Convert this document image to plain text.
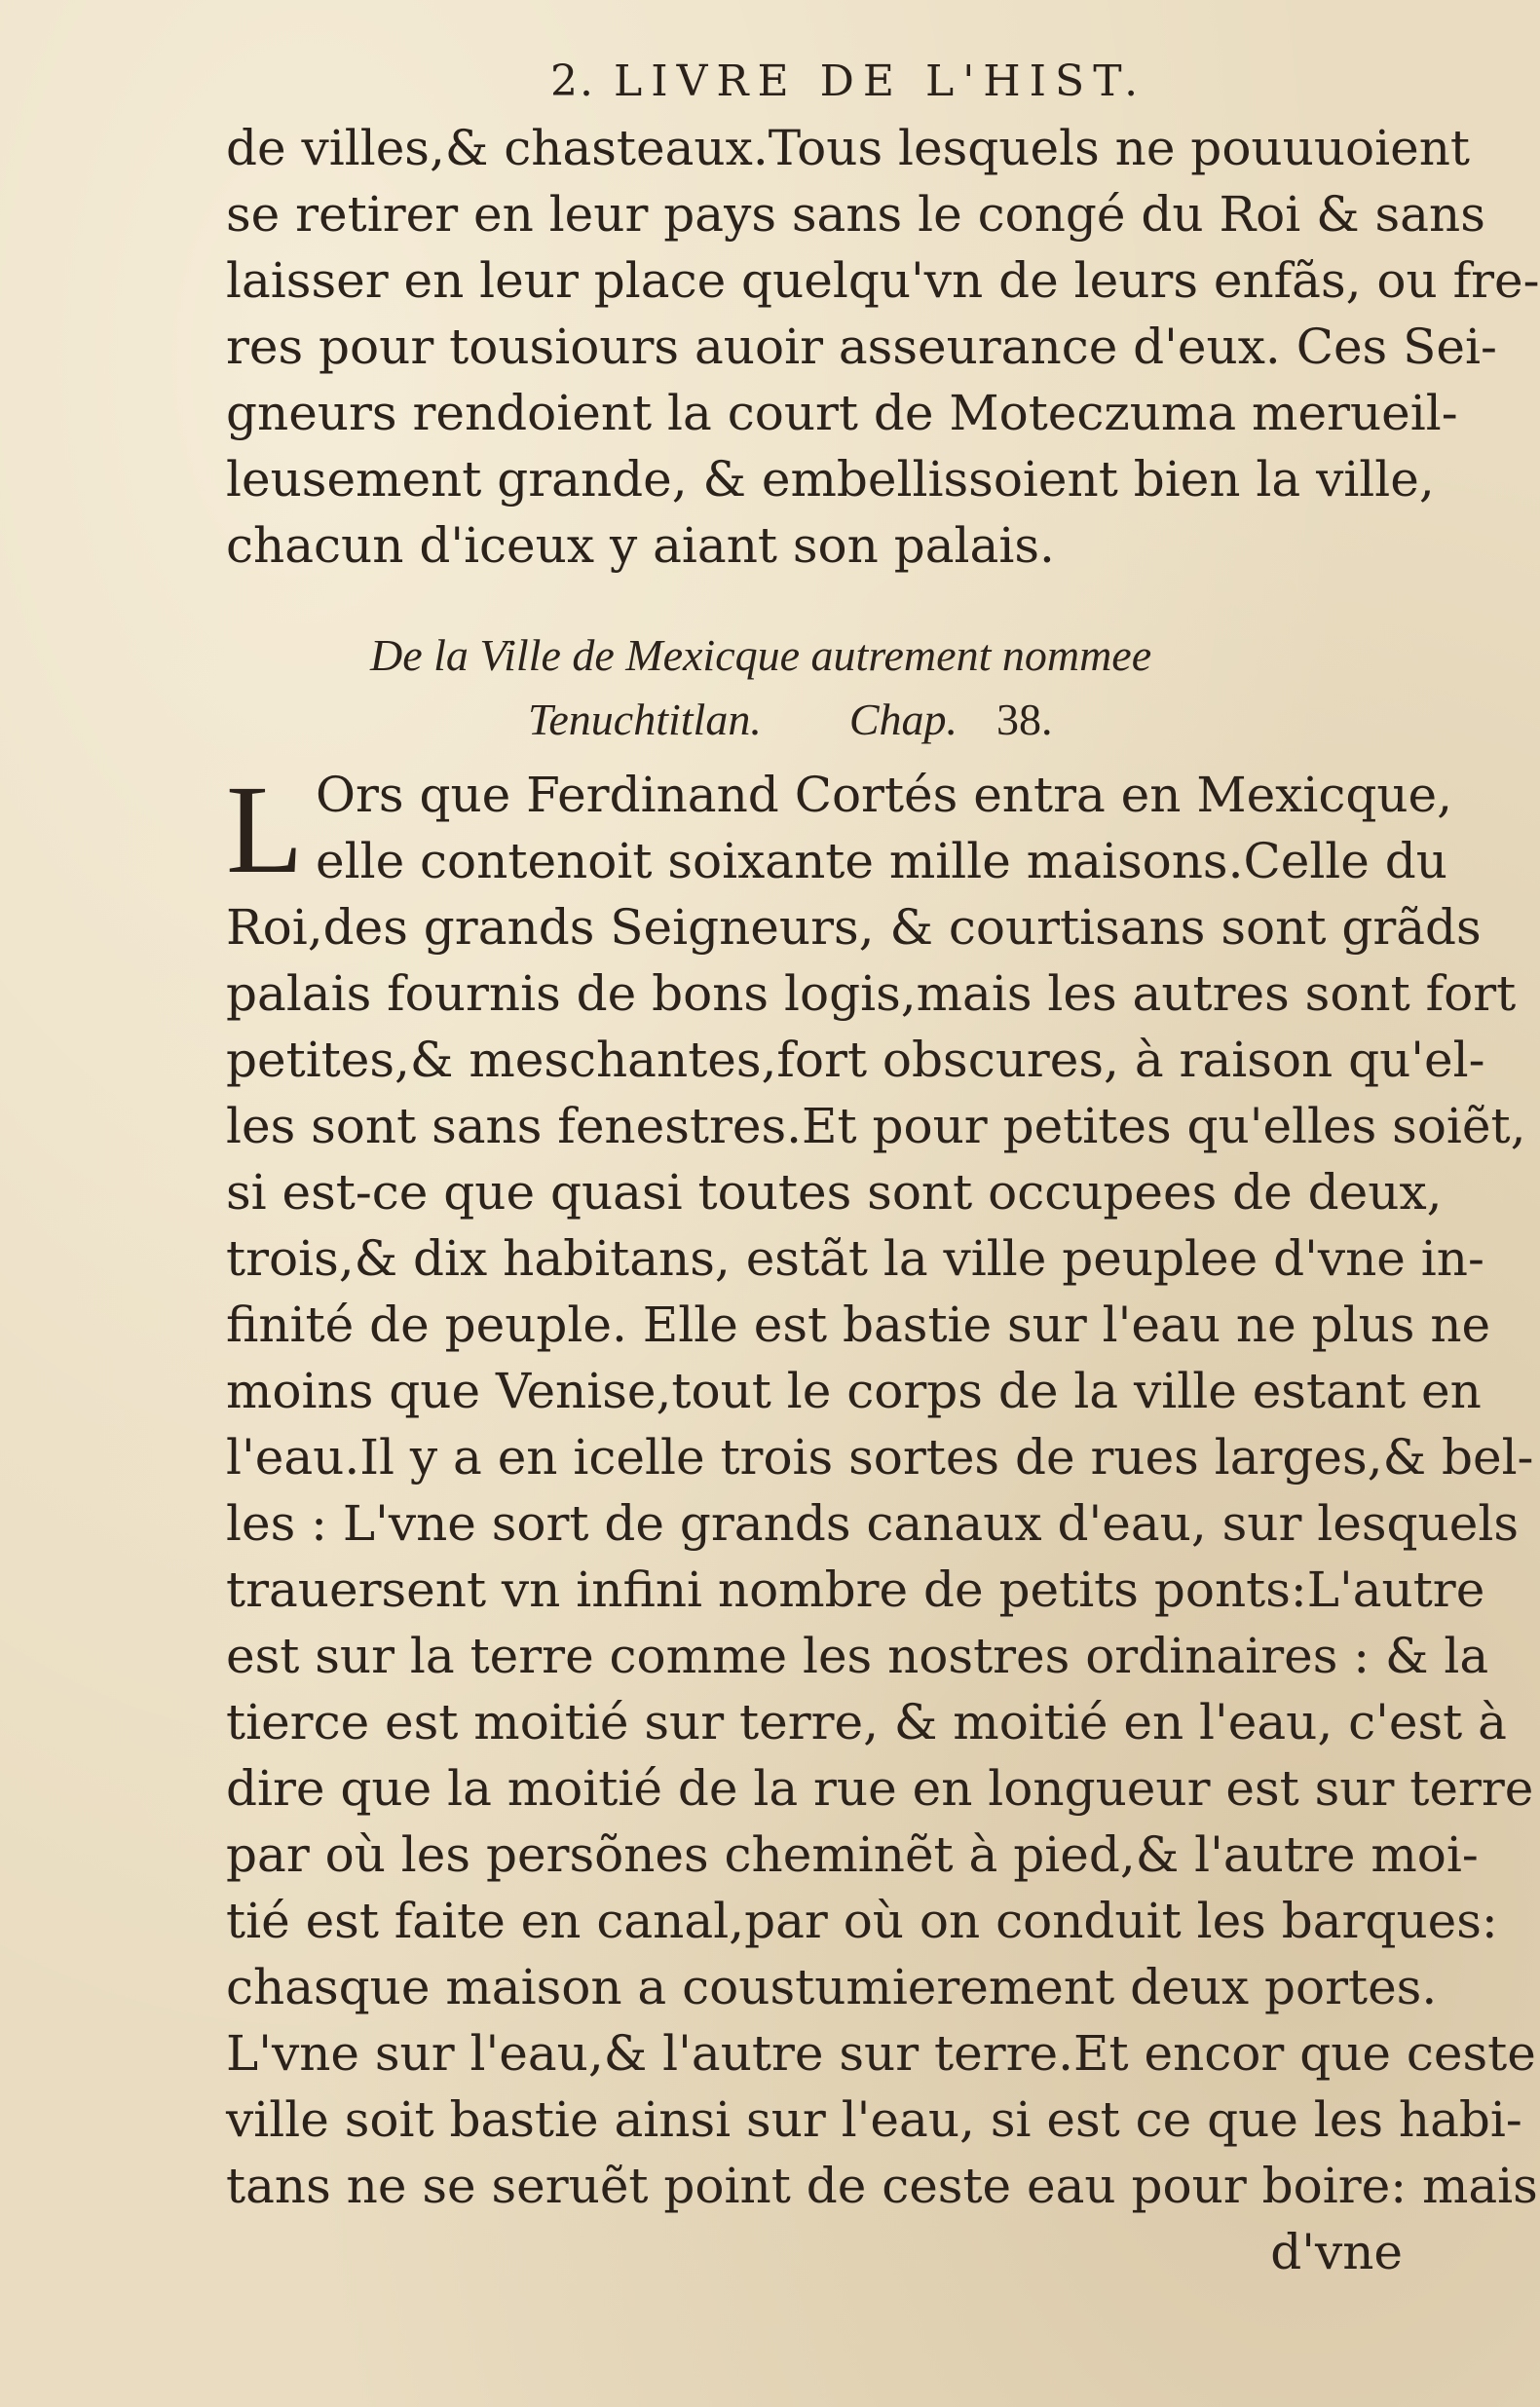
2. LIVRE DE L'HIST.
de villes,& chasteaux.Tous lesquels ne pouuuoient
se retirer en leur pays sans le congé du Roi & sans
laisser en leur place quelqu'vn de leurs enfãs, ou fre-
res pour tousiours auoir asseurance d'eux. Ces Sei-
gneurs rendoient la court de Moteczuma merueil-
leusement grande, & embellissoient bien la ville,
chacun d'iceux y aiant son palais.
De la Ville de Mexicque autrement nommee
Tenuchtitlan. Chap. 38.
L Ors que Ferdinand Cortés entra en Mexicque,
elle contenoit soixante mille maisons.Celle du
Roi,des grands Seigneurs, & courtisans sont grãds
palais fournis de bons logis,mais les autres sont fort
petites,& meschantes,fort obscures, à raison qu'el-
les sont sans fenestres.Et pour petites qu'elles soiẽt,
si est-ce que quasi toutes sont occupees de deux,
trois,& dix habitans, estãt la ville peuplee d'vne in-
finité de peuple. Elle est bastie sur l'eau ne plus ne
moins que Venise,tout le corps de la ville estant en
l'eau.Il y a en icelle trois sortes de rues larges,& bel-
les : L'vne sort de grands canaux d'eau, sur lesquels
trauersent vn infini nombre de petits ponts:L'autre
est sur la terre comme les nostres ordinaires : & la
tierce est moitié sur terre, & moitié en l'eau, c'est à
dire que la moitié de la rue en longueur est sur terre
par où les persõnes cheminẽt à pied,& l'autre moi-
tié est faite en canal,par où on conduit les barques:
chasque maison a coustumierement deux portes.
L'vne sur l'eau,& l'autre sur terre.Et encor que ceste
ville soit bastie ainsi sur l'eau, si est ce que les habi-
tans ne se seruẽt point de ceste eau pour boire: mais
d'vne
